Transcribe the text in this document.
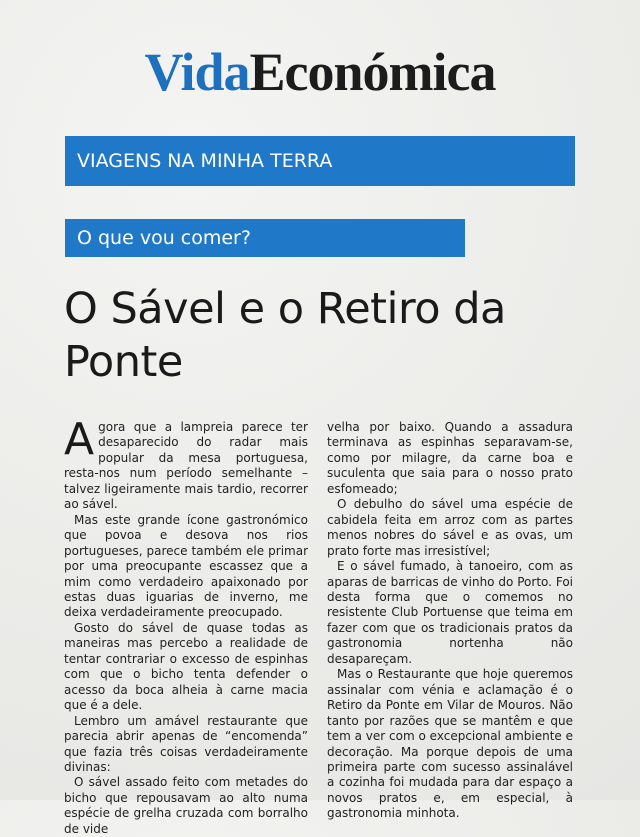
VidaEconómica
VIAGENS NA MINHA TERRA
O que vou comer?
O Sável e o Retiro da Ponte

Agora que a lampreia parece ter desaparecido do radar mais popular da mesa portuguesa, resta-nos num período semelhante – talvez ligeiramente mais tardio, recorrer ao sável.

Mas este grande ícone gastronómico que povoa e desova nos rios portugueses, parece também ele primar por uma preocupante escassez que a mim como verdadeiro apaixonado por estas duas iguarias de inverno, me deixa verdadeiramente preocupado.

Gosto do sável de quase todas as maneiras mas percebo a realidade de tentar contrariar o excesso de espinhas com que o bicho tenta defender o acesso da boca alheia à carne macia que é a dele.

Lembro um amável restaurante que parecia abrir apenas de “encomenda” que fazia três coisas verdadeiramente divinas:

O sável assado feito com metades do bicho que repousavam ao alto numa espécie de grelha cruzada com borralho de vide

velha por baixo. Quando a assadura terminava as espinhas separavam-se, como por milagre, da carne boa e suculenta que saia para o nosso prato esfomeado;

O debulho do sável uma espécie de cabidela feita em arroz com as partes menos nobres do sável e as ovas, um prato forte mas irresistível;

E o sável fumado, à tanoeiro, com as aparas de barricas de vinho do Porto. Foi desta forma que o comemos no resistente Club Portuense que teima em fazer com que os tradicionais pratos da gastronomia nortenha não desapareçam.

Mas o Restaurante que hoje queremos assinalar com vénia e aclamação é o Retiro da Ponte em Vilar de Mouros. Não tanto por razões que se mantêm e que tem a ver com o excepcional ambiente e decoração. Ma porque depois de uma primeira parte com sucesso assinalável a cozinha foi mudada para dar espaço a novos pratos e, em especial, à gastronomia minhota.
